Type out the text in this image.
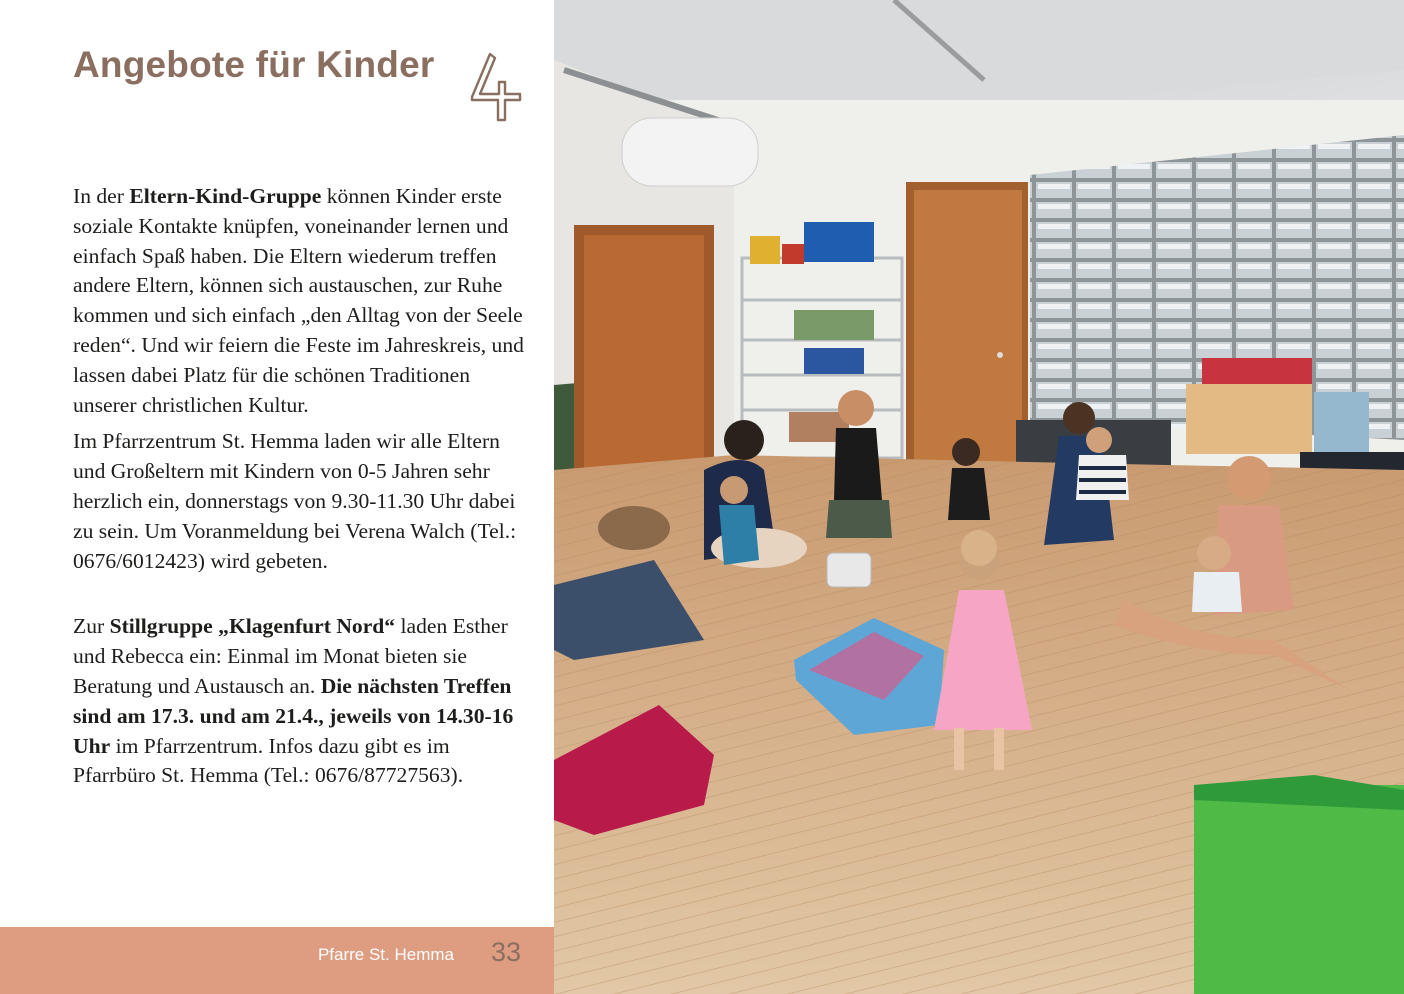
Angebote für Kinder

In der Eltern-Kind-Gruppe können Kinder erste soziale Kontakte knüpfen, voneinander lernen und einfach Spaß haben. Die Eltern wiederum treffen andere Eltern, können sich austauschen, zur Ruhe kommen und sich einfach „den Alltag von der Seele reden“. Und wir feiern die Feste im Jahreskreis, und lassen dabei Platz für die schönen Traditionen unserer christlichen Kultur.

Im Pfarrzentrum St. Hemma laden wir alle Eltern und Großeltern mit Kindern von 0-5 Jahren sehr herzlich ein, donnerstags von 9.30-11.30 Uhr dabei zu sein. Um Voranmeldung bei Verena Walch (Tel.: 0676/6012423) wird gebeten.

Zur Stillgruppe „Klagenfurt Nord“ laden Esther und Rebecca ein: Einmal im Monat bieten sie Beratung und Austausch an. Die nächsten Treffen sind am 17.3. und am 21.4., jeweils von 14.30-16 Uhr im Pfarrzentrum. Infos dazu gibt es im Pfarrbüro St. Hemma (Tel.: 0676/87727563).

Pfarre St. Hemma 33
